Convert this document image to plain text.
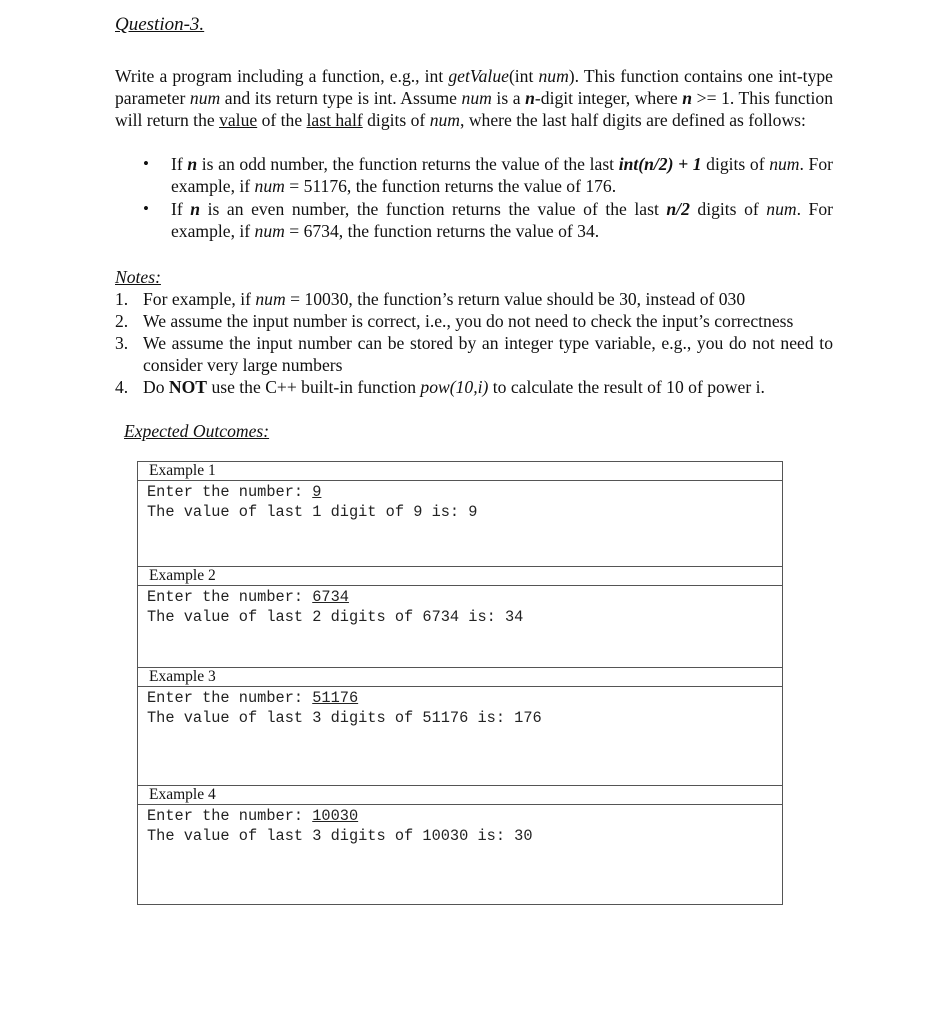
Question-3.

Write a program including a function, e.g., int getValue(int num). This function contains one int-type parameter num and its return type is int. Assume num is a n-digit integer, where n >= 1. This function will return the value of the last half digits of num, where the last half digits are defined as follows:

• If n is an odd number, the function returns the value of the last int(n/2) + 1 digits of num. For example, if num = 51176, the function returns the value of 176.
• If n is an even number, the function returns the value of the last n/2 digits of num. For example, if num = 6734, the function returns the value of 34.

Notes:

1. For example, if num = 10030, the function’s return value should be 30, instead of 030
2. We assume the input number is correct, i.e., you do not need to check the input’s correctness
3. We assume the input number can be stored by an integer type variable, e.g., you do not need to consider very large numbers
4. Do NOT use the C++ built-in function pow(10,i) to calculate the result of 10 of power i.

Expected Outcomes:

Example 1
Enter the number: 9
The value of last 1 digit of 9 is: 9
Example 2
Enter the number: 6734
The value of last 2 digits of 6734 is: 34
Example 3
Enter the number: 51176
The value of last 3 digits of 51176 is: 176
Example 4
Enter the number: 10030
The value of last 3 digits of 10030 is: 30
